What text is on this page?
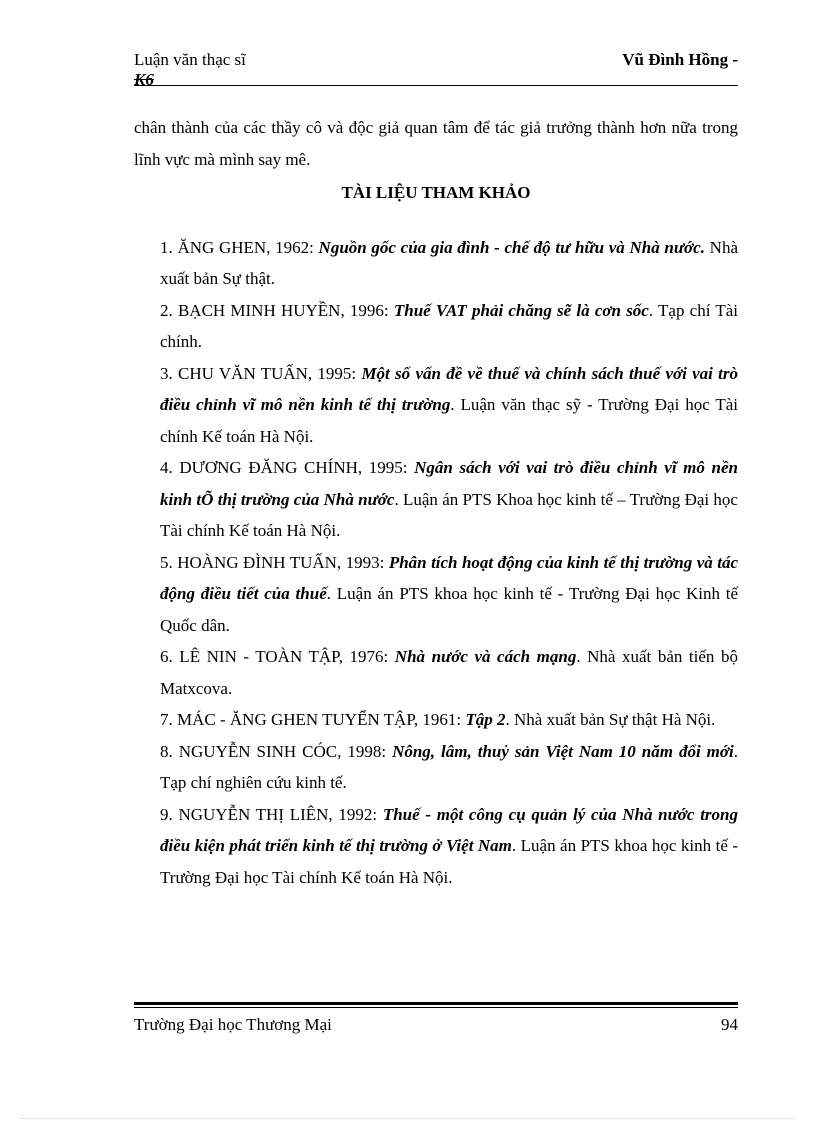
Luận văn thạc sĩ	Vũ Đình Hồng -
K6

chân thành của các thầy cô và độc giả quan tâm để tác giả trưởng thành hơn nữa trong lĩnh vực mà mình say mê.

TÀI LIỆU THAM KHẢO

1. ĂNG GHEN, 1962: Nguồn gốc của gia đình - chế độ tư hữu và Nhà nước. Nhà xuất bản Sự thật.

2. BẠCH MINH HUYỀN, 1996: Thuế VAT phải chăng sẽ là cơn sốc. Tạp chí Tài chính.

3. CHU VĂN TUẤN, 1995: Một số vấn đề về thuế và chính sách thuế với vai trò điều chỉnh vĩ mô nền kinh tế thị trường. Luận văn thạc sỹ - Trường Đại học Tài chính Kế toán Hà Nội.

4. DƯƠNG ĐĂNG CHÍNH, 1995: Ngân sách với vai trò điều chỉnh vĩ mô nền kinh tÕ thị trường của Nhà nước. Luận án PTS Khoa học kinh tế – Trường Đại học Tài chính Kế toán Hà Nội.

5. HOÀNG ĐÌNH TUẤN, 1993: Phân tích hoạt động của kinh tế thị trường và tác động điều tiết của thuế. Luận án PTS khoa học kinh tế - Trường Đại học Kinh tế Quốc dân.

6. LÊ NIN - TOÀN TẬP, 1976: Nhà nước và cách mạng. Nhà xuất bản tiến bộ Matxcova.

7. MÁC - ĂNG GHEN TUYỂN TẬP, 1961: Tập 2. Nhà xuất bản Sự thật Hà Nội.

8. NGUYỄN SINH CÓC, 1998: Nông, lâm, thuỷ sản Việt Nam 10 năm đổi mới. Tạp chí nghiên cứu kinh tế.

9. NGUYỄN THỊ LIÊN, 1992: Thuế - một công cụ quản lý của Nhà nước trong điều kiện phát triển kinh tế thị trường ở Việt Nam. Luận án PTS khoa học kinh tế - Trường Đại học Tài chính Kế toán Hà Nội.

Trường Đại học Thương Mại	94
